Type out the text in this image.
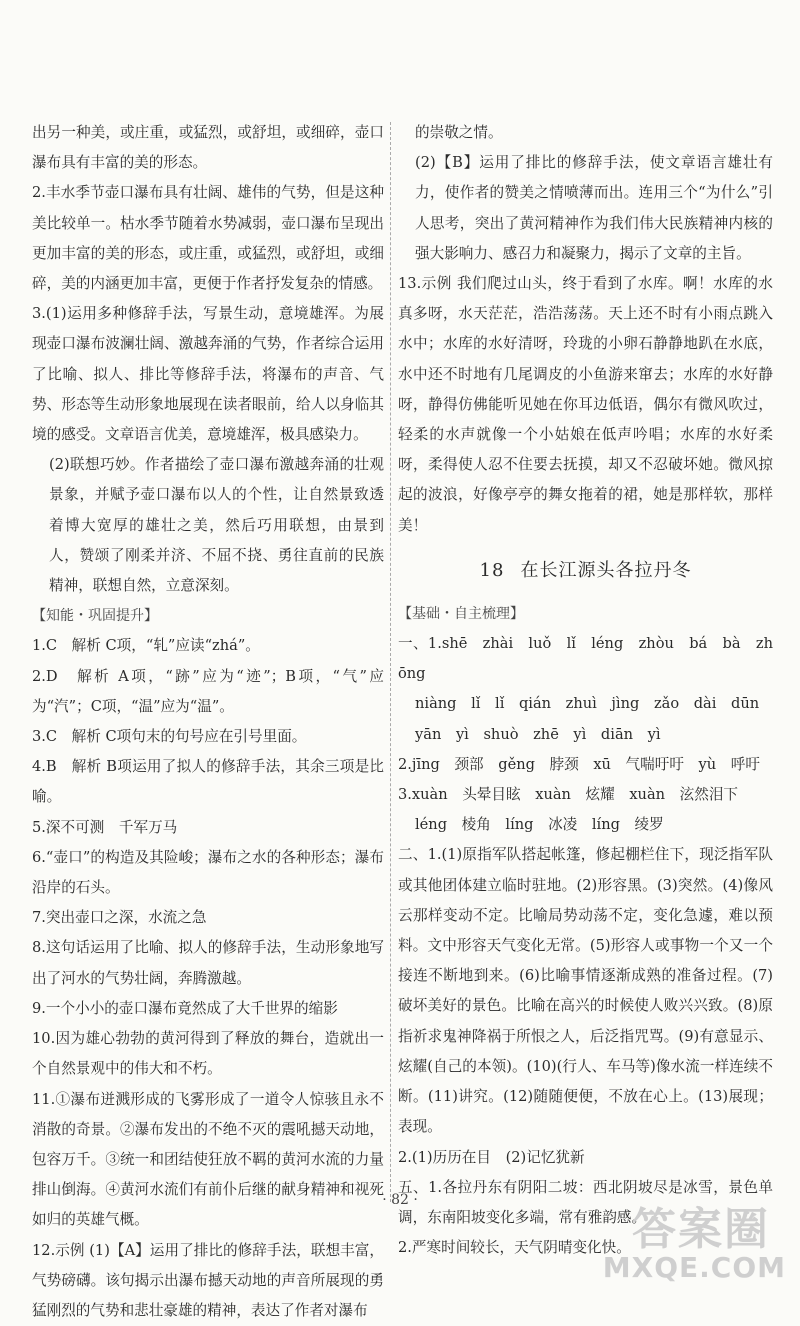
出另一种美，或庄重，或猛烈，或舒坦，或细碎，壶口瀑布具有丰富的美的形态。

2.丰水季节壶口瀑布具有壮阔、雄伟的气势，但是这种美比较单一。枯水季节随着水势减弱，壶口瀑布呈现出更加丰富的美的形态，或庄重，或猛烈，或舒坦，或细碎，美的内涵更加丰富，更便于作者抒发复杂的情感。

3.(1)运用多种修辞手法，写景生动，意境雄浑。为展现壶口瀑布波澜壮阔、激越奔涌的气势，作者综合运用了比喻、拟人、排比等修辞手法，将瀑布的声音、气势、形态等生动形象地展现在读者眼前，给人以身临其境的感受。文章语言优美，意境雄浑，极具感染力。

(2)联想巧妙。作者描绘了壶口瀑布激越奔涌的壮观景象，并赋予壶口瀑布以人的个性，让自然景致透着博大宽厚的雄壮之美，然后巧用联想，由景到人，赞颂了刚柔并济、不屈不挠、勇往直前的民族精神，联想自然，立意深刻。

【知能・巩固提升】

1.C　解析 C项，“轧”应读“zhá”。

2.D　解析 A项，“跡”应为“迹”；B项，“气”应为“汽”；C项，“温”应为“温”。

3.C　解析 C项句末的句号应在引号里面。

4.B　解析 B项运用了拟人的修辞手法，其余三项是比喻。

5.深不可测　千军万马

6.“壶口”的构造及其险峻；瀑布之水的各种形态；瀑布沿岸的石头。

7.突出壶口之深，水流之急

8.这句话运用了比喻、拟人的修辞手法，生动形象地写出了河水的气势壮阔，奔腾激越。

9.一个小小的壶口瀑布竟然成了大千世界的缩影

10.因为雄心勃勃的黄河得到了释放的舞台，造就出一个自然景观中的伟大和不朽。

11.①瀑布迸溅形成的飞雾形成了一道令人惊骇且永不消散的奇景。②瀑布发出的不绝不灭的震吼撼天动地，包容万千。③统一和团结使狂放不羁的黄河水流的力量排山倒海。④黄河水流们有前仆后继的献身精神和视死如归的英雄气概。

12.示例 (1)【A】运用了排比的修辞手法，联想丰富，气势磅礴。该句揭示出瀑布撼天动地的声音所展现的勇猛刚烈的气势和悲壮豪雄的精神，表达了作者对瀑布

的崇敬之情。

(2)【B】运用了排比的修辞手法，使文章语言雄壮有力，使作者的赞美之情喷薄而出。连用三个“为什么”引人思考，突出了黄河精神作为我们伟大民族精神内核的强大影响力、感召力和凝聚力，揭示了文章的主旨。

13.示例 我们爬过山头，终于看到了水库。啊！水库的水真多呀，水天茫茫，浩浩荡荡。天上还不时有小雨点跳入水中；水库的水好清呀，玲珑的小卵石静静地趴在水底，水中还不时地有几尾调皮的小鱼游来窜去；水库的水好静呀，静得仿佛能听见她在你耳边低语，偶尔有微风吹过，轻柔的水声就像一个小姑娘在低声吟唱；水库的水好柔呀，柔得使人忍不住要去抚摸，却又不忍破坏她。微风掠起的波浪，好像亭亭的舞女拖着的裙，她是那样软，那样美！

18 在长江源头各拉丹冬

【基础・自主梳理】

一、1.shē　zhài　luǒ　lǐ　léng　zhòu　bá　bà　zhōng

niàng　lǐ　lǐ　qián　zhuì　jìng　zǎo　dài　dūn

yān　yì　shuò　zhē　yì　diān　yì

2.jīng　颈部　gěng　脖颈　xū　气喘吁吁　yù　呼吁

3.xuàn　头晕目眩　xuàn　炫耀　xuàn　泫然泪下

léng　棱角　líng　冰凌　líng　绫罗

二、1.(1)原指军队搭起帐篷，修起棚栏住下，现泛指军队或其他团体建立临时驻地。(2)形容黑。(3)突然。(4)像风云那样变动不定。比喻局势动荡不定，变化急遽，难以预料。文中形容天气变化无常。(5)形容人或事物一个又一个接连不断地到来。(6)比喻事情逐渐成熟的准备过程。(7)破坏美好的景色。比喻在高兴的时候使人败兴兴致。(8)原指祈求鬼神降祸于所恨之人，后泛指咒骂。(9)有意显示、炫耀(自己的本领)。(10)(行人、车马等)像水流一样连续不断。(11)讲究。(12)随随便便，不放在心上。(13)展现；表现。

2.(1)历历在目　(2)记忆犹新

五、1.各拉丹东有阴阳二坡：西北阴坡尽是冰雪，景色单调，东南阳坡变化多端，常有雅韵感。

2.严寒时间较长，天气阴晴变化快。

· 82 ·
答案圈
MXQE.COM
